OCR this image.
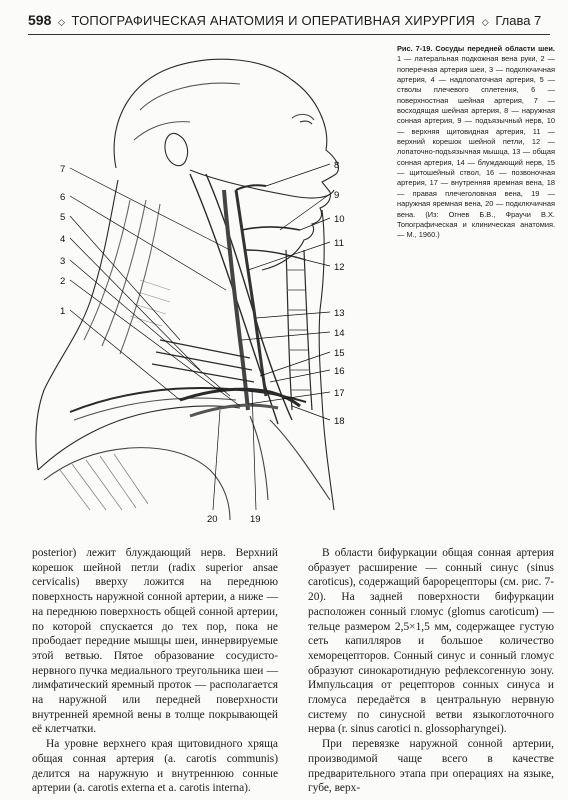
598 ◇ ТОПОГРАФИЧЕСКАЯ АНАТОМИЯ И ОПЕРАТИВНАЯ ХИРУРГИЯ ◇ Глава 7
7
6
5
4
3
2
1
8
9
10
11
12
13
14
15
16
17
18
20	19
Рис. 7-19. Сосуды передней области шеи. 1 — латеральная подкожная вена руки, 2 — поперечная артерия шеи, 3 — подключичная артерия, 4 — надлопаточная артерия, 5 — стволы плечевого сплетения, 6 — поверхностная шейная артерия, 7 — восходящая шейная артерия, 8 — наружная сонная артерия, 9 — подъязычный нерв, 10 — верхняя щитовидная артерия, 11 — верхний корешок шейной петли, 12 — лопаточно-подъязычная мышца, 13 — общая сонная артерия, 14 — блуждающий нерв, 15 — щитошейный ствол, 16 — позвоночная артерия, 17 — внутренняя яремная вена, 18 — правая плечеголовная вена, 19 — наружная яремная вена, 20 — подключичная вена. (Из: Огнев Б.В., Фраучи В.Х. Топографическая и клиническая анатомия. — М., 1960.)

posterior) лежит блуждающий нерв. Верхний корешок шейной петли (radix superior ansae cervicalis) вверху ложится на переднюю поверхность наружной сонной артерии, а ниже — на переднюю поверхность общей сонной артерии, по которой спускается до тех пор, пока не прободает передние мышцы шеи, иннервируемые этой ветвью. Пятое образование сосудисто-нервного пучка медиального треугольника шеи — лимфатический яремный проток — располагается на наружной или передней поверхности внутренней яремной вены в толще покрывающей её клетчатки.

На уровне верхнего края щитовидного хряща общая сонная артерия (a. carotis communis) делится на наружную и внутреннюю сонные артерии (a. carotis externa et a. carotis interna).

В области бифуркации общая сонная артерия образует расширение — сонный синус (sinus caroticus), содержащий барорецепторы (см. рис. 7-20). На задней поверхности бифуркации расположен сонный гломус (glomus caroticum) — тельце размером 2,5×1,5 мм, содержащее густую сеть капилляров и большое количество хеморецепторов. Сонный синус и сонный гломус образуют синокаротидную рефлексогенную зону. Импульсация от рецепторов сонных синуса и гломуса передаётся в центральную нервную систему по синусной ветви языкоглоточного нерва (r. sinus carotici n. glossopharyngei).

При перевязке наружной сонной артерии, производимой чаще всего в качестве предварительного этапа при операциях на языке, губе, верх-
